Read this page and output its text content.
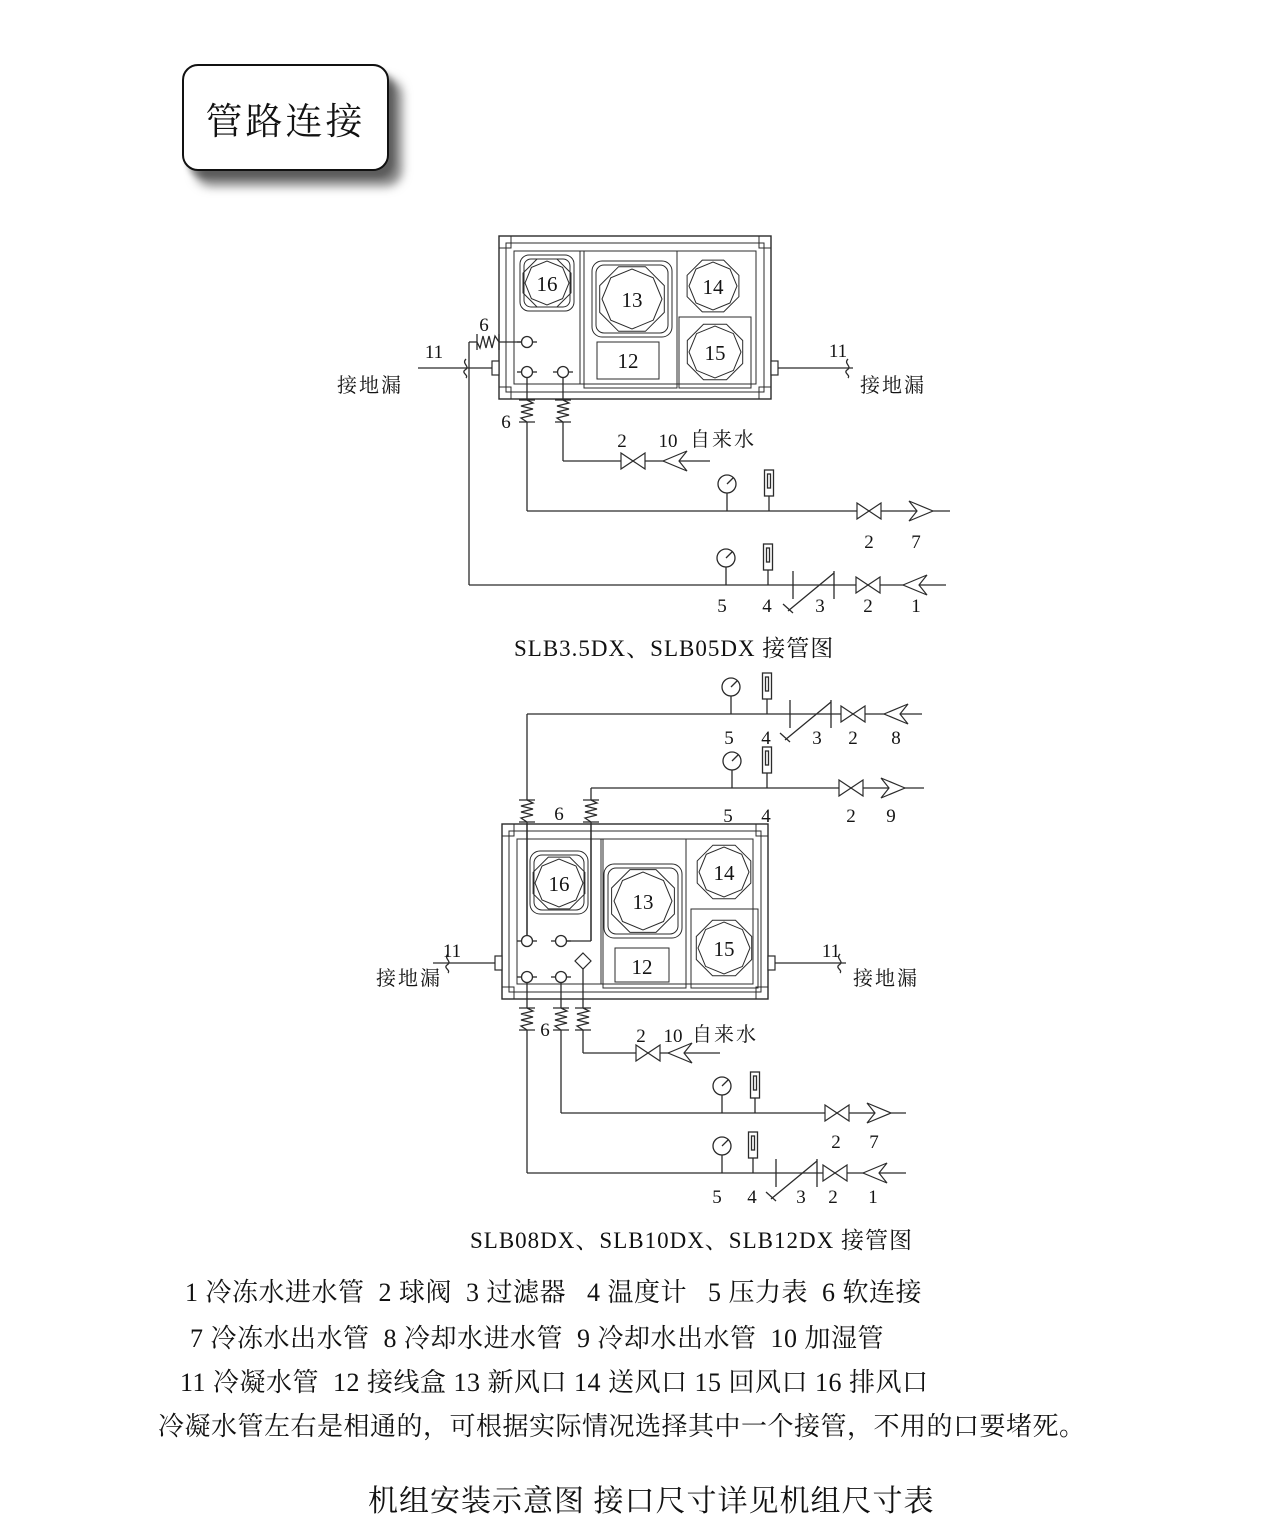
管路连接
6
11
接地漏
11
接地漏
6
2 10 自来水
2 7
5 4 3 2 1
16
13
14
15
12
5 4 3 2 8
5 4	2 9
6
11
接地漏
11
接地漏
6	2 10 自来水
2 7
5 4 3 2 1
16
13
14
15
12
SLB3.5DX、SLB05DX 接管图
SLB08DX、SLB10DX、SLB12DX 接管图
1 冷冻水进水管  2 球阀  3 过滤器   4 温度计   5 压力表  6 软连接
7 冷冻水出水管  8 冷却水进水管  9 冷却水出水管  10 加湿管
11 冷凝水管  12 接线盒 13 新风口 14 送风口 15 回风口 16 排风口
冷凝水管左右是相通的，可根据实际情况选择其中一个接管，不用的口要堵死。
机组安装示意图 接口尺寸详见机组尺寸表
